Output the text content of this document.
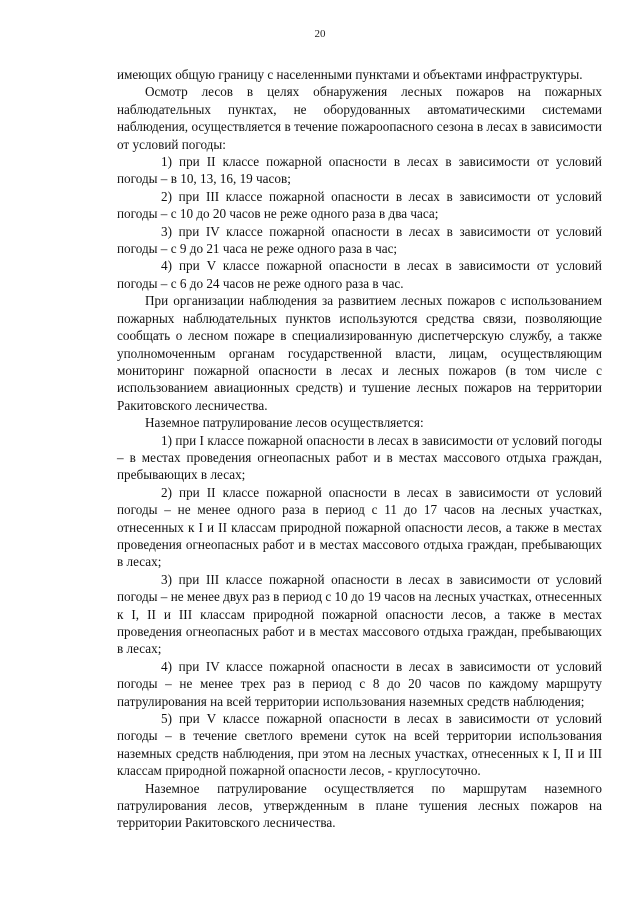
20

имеющих общую границу с населенными пунктами и объектами инфраструктуры.

Осмотр лесов в целях обнаружения лесных пожаров на пожарных наблюдательных пунктах, не оборудованных автоматическими системами наблюдения, осуществляется в течение пожароопасного сезона в лесах в зависимости от условий погоды:

1) при II классе пожарной опасности в лесах в зависимости от условий погоды – в 10, 13, 16, 19 часов;

2) при III классе пожарной опасности в лесах в зависимости от условий погоды – с 10 до 20 часов не реже одного раза в два часа;

3) при IV классе пожарной опасности в лесах в зависимости от условий погоды – с 9 до 21 часа не реже одного раза в час;

4) при V классе пожарной опасности в лесах в зависимости от условий погоды – с 6 до 24 часов не реже одного раза в час.

При организации наблюдения за развитием лесных пожаров с использованием пожарных наблюдательных пунктов используются средства связи, позволяющие сообщать о лесном пожаре в специализированную диспетчерскую службу, а также уполномоченным органам государственной власти, лицам, осуществляющим мониторинг пожарной опасности в лесах и лесных пожаров (в том числе с использованием авиационных средств) и тушение лесных пожаров на территории Ракитовского лесничества.

Наземное патрулирование лесов осуществляется:

1) при I классе пожарной опасности в лесах в зависимости от условий погоды – в местах проведения огнеопасных работ и в местах массового отдыха граждан, пребывающих в лесах;

2) при II классе пожарной опасности в лесах в зависимости от условий погоды – не менее одного раза в период с 11 до 17 часов на лесных участках, отнесенных к I и II классам природной пожарной опасности лесов, а также в местах проведения огнеопасных работ и в местах массового отдыха граждан, пребывающих в лесах;

3) при III классе пожарной опасности в лесах в зависимости от условий погоды – не менее двух раз в период с 10 до 19 часов на лесных участках, отнесенных к I, II и III классам природной пожарной опасности лесов, а также в местах проведения огнеопасных работ и в местах массового отдыха граждан, пребывающих в лесах;

4) при IV классе пожарной опасности в лесах в зависимости от условий погоды – не менее трех раз в период с 8 до 20 часов по каждому маршруту патрулирования на всей территории использования наземных средств наблюдения;

5) при V классе пожарной опасности в лесах в зависимости от условий погоды – в течение светлого времени суток на всей территории использования наземных средств наблюдения, при этом на лесных участках, отнесенных к I, II и III классам природной пожарной опасности лесов, - круглосуточно.

Наземное патрулирование осуществляется по маршрутам наземного патрулирования лесов, утвержденным в плане тушения лесных пожаров на территории Ракитовского лесничества.
